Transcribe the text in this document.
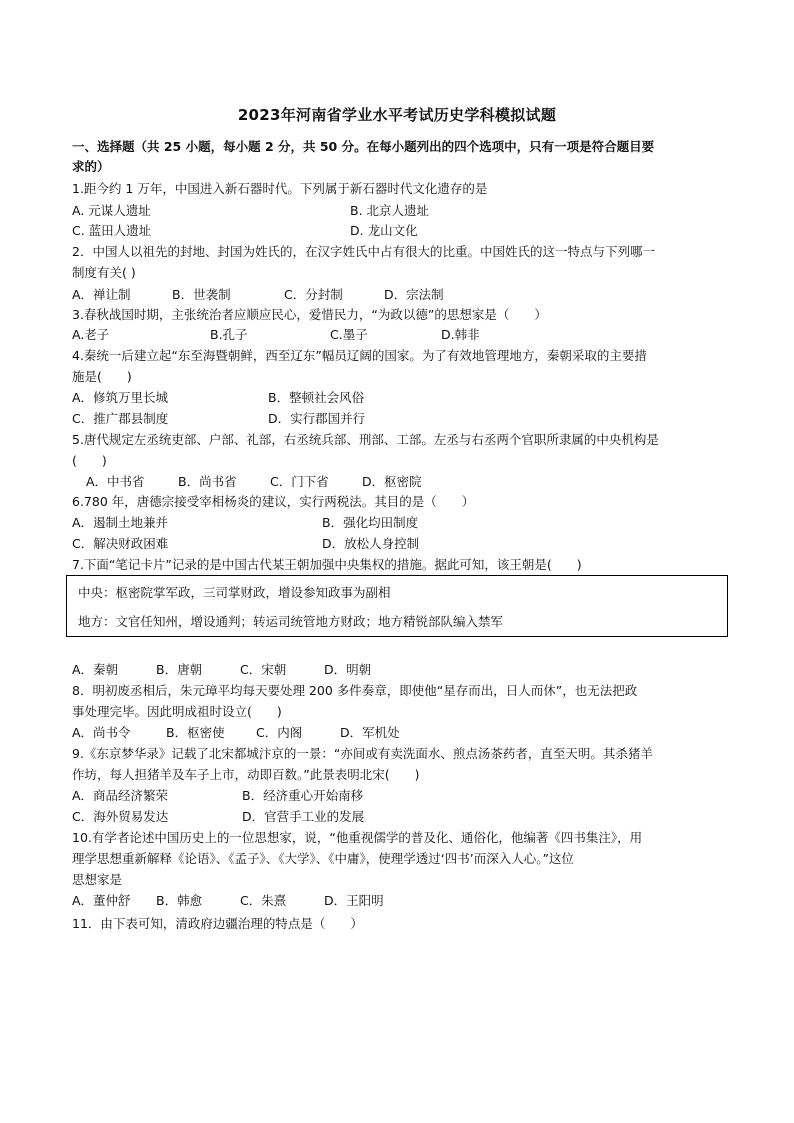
2023年河南省学业水平考试历史学科模拟试题
一、选择题（共 25 小题，每小题 2 分，共 50 分。在每小题列出的四个选项中，只有一项是符合题目要
求的）
1.距今约 1 万年，中国进入新石器时代。下列属于新石器时代文化遗存的是
A. 元谋人遗址	B. 北京人遗址
C. 蓝田人遗址	D. 龙山文化
2．中国人以祖先的封地、封国为姓氏的，在汉字姓氏中占有很大的比重。中国姓氏的这一特点与下列哪一
制度有关( )
A．禅让制	B．世袭制	C．分封制	D．宗法制
3.春秋战国时期，主张统治者应顺应民心，爱惜民力，“为政以德”的思想家是（　　）
A.老子	B.孔子	C.墨子	D.韩非
4.秦统一后建立起“东至海暨朝鲜，西至辽东”幅员辽阔的国家。为了有效地管理地方，秦朝采取的主要措
施是(　　)
A．修筑万里长城	B．整顿社会风俗
C．推广郡县制度	D．实行郡国并行
5.唐代规定左丞统吏部、户部、礼部，右丞统兵部、刑部、工部。左丞与右丞两个官职所隶属的中央机构是
(　　)
A．中书省	B．尚书省	C．门下省	D．枢密院
6.780 年，唐德宗接受宰相杨炎的建议，实行两税法。其目的是（　　）
A．遏制土地兼并	B．强化均田制度
C．解决财政困难	D．放松人身控制
7.下面“笔记卡片”记录的是中国古代某王朝加强中央集权的措施。据此可知，该王朝是(　　)
中央：枢密院掌军政，三司掌财政，增设参知政事为副相
地方：文官任知州，增设通判；转运司统管地方财政；地方精锐部队编入禁军
A．秦朝	B．唐朝	C．宋朝	D．明朝
8．明初废丞相后，朱元璋平均每天要处理 200 多件奏章，即使他“星存而出，日人而休”，也无法把政
事处理完毕。因此明成祖时设立(　　)
A．尚书令	B．枢密使	C．内阁	D．军机处
9.《东京梦华录》记载了北宋都城汴京的一景：“亦间或有卖洗面水、煎点汤茶药者，直至天明。其杀猪羊
作坊，每人担猪羊及车子上市，动即百数。”此景表明北宋(　　)
A．商品经济繁荣	B．经济重心开始南移
C．海外贸易发达	D．官营手工业的发展
10.有学者论述中国历史上的一位思想家，说，“他重视儒学的普及化、通俗化，他编著《四书集注》，用
理学思想重新解释《论语》、《孟子》、《大学》、《中庸》，使理学透过‘四书’而深入人心。”这位
思想家是
A．董仲舒 B．韩愈	C．朱熹	D．王阳明
11．由下表可知，清政府边疆治理的特点是（　　）
